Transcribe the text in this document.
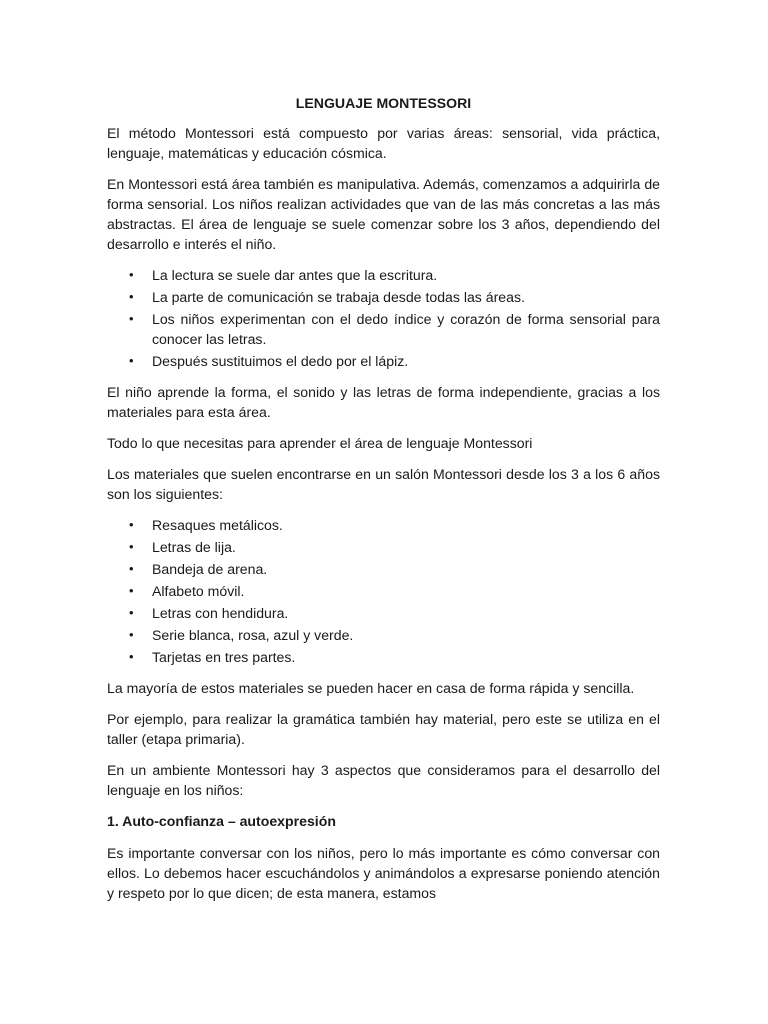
LENGUAJE MONTESSORI

El método Montessori está compuesto por varias áreas: sensorial, vida práctica, lenguaje, matemáticas y educación cósmica.

En Montessori está área también es manipulativa. Además, comenzamos a adquirirla de forma sensorial. Los niños realizan actividades que van de las más concretas a las más abstractas. El área de lenguaje se suele comenzar sobre los 3 años, dependiendo del desarrollo e interés el niño.

• La lectura se suele dar antes que la escritura.
• La parte de comunicación se trabaja desde todas las áreas.
• Los niños experimentan con el dedo índice y corazón de forma sensorial para conocer las letras.
• Después sustituimos el dedo por el lápiz.

El niño aprende la forma, el sonido y las letras de forma independiente, gracias a los materiales para esta área.

Todo lo que necesitas para aprender el área de lenguaje Montessori

Los materiales que suelen encontrarse en un salón Montessori desde los 3 a los 6 años son los siguientes:

• Resaques metálicos.
• Letras de lija.
• Bandeja de arena.
• Alfabeto móvil.
• Letras con hendidura.
• Serie blanca, rosa, azul y verde.
• Tarjetas en tres partes.

La mayoría de estos materiales se pueden hacer en casa de forma rápida y sencilla.

Por ejemplo, para realizar la gramática también hay material, pero este se utiliza en el taller (etapa primaria).

En un ambiente Montessori hay 3 aspectos que consideramos para el desarrollo del lenguaje en los niños:

1. Auto-confianza – autoexpresión

Es importante conversar con los niños, pero lo más importante es cómo conversar con ellos. Lo debemos hacer escuchándolos y animándolos a expresarse poniendo atención y respeto por lo que dicen; de esta manera, estamos
